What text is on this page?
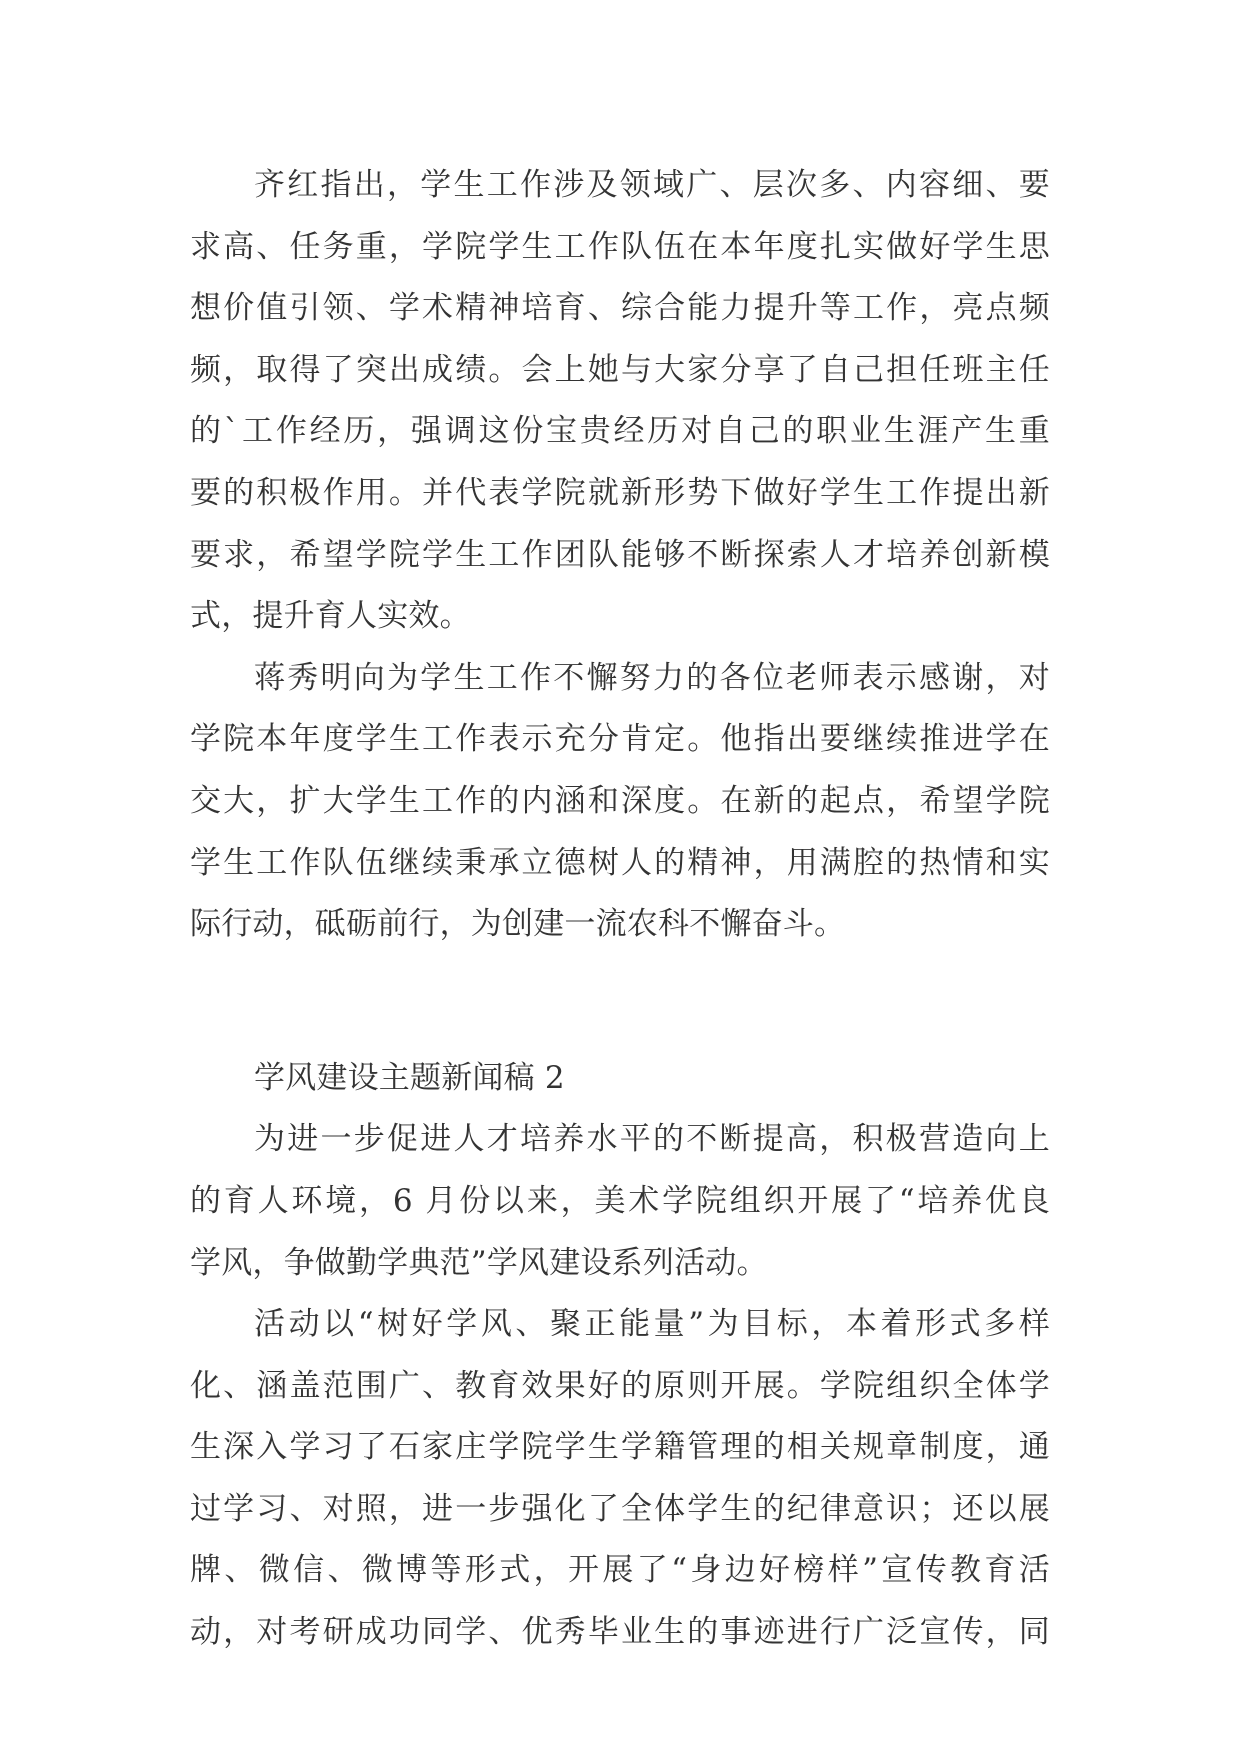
齐红指出，学生工作涉及领域广、层次多、内容细、要
求高、任务重，学院学生工作队伍在本年度扎实做好学生思
想价值引领、学术精神培育、综合能力提升等工作，亮点频
频，取得了突出成绩。会上她与大家分享了自己担任班主任
的`工作经历，强调这份宝贵经历对自己的职业生涯产生重
要的积极作用。并代表学院就新形势下做好学生工作提出新
要求，希望学院学生工作团队能够不断探索人才培养创新模
式，提升育人实效。
蒋秀明向为学生工作不懈努力的各位老师表示感谢，对
学院本年度学生工作表示充分肯定。他指出要继续推进学在
交大，扩大学生工作的内涵和深度。在新的起点，希望学院
学生工作队伍继续秉承立德树人的精神，用满腔的热情和实
际行动，砥砺前行，为创建一流农科不懈奋斗。
学风建设主题新闻稿 2
为进一步促进人才培养水平的不断提高，积极营造向上
的育人环境，6 月份以来，美术学院组织开展了“培养优良
学风，争做勤学典范”学风建设系列活动。
活动以“树好学风、聚正能量”为目标，本着形式多样
化、涵盖范围广、教育效果好的原则开展。学院组织全体学
生深入学习了石家庄学院学生学籍管理的相关规章制度，通
过学习、对照，进一步强化了全体学生的纪律意识；还以展
牌、微信、微博等形式，开展了“身边好榜样”宣传教育活
动，对考研成功同学、优秀毕业生的事迹进行广泛宣传，同
